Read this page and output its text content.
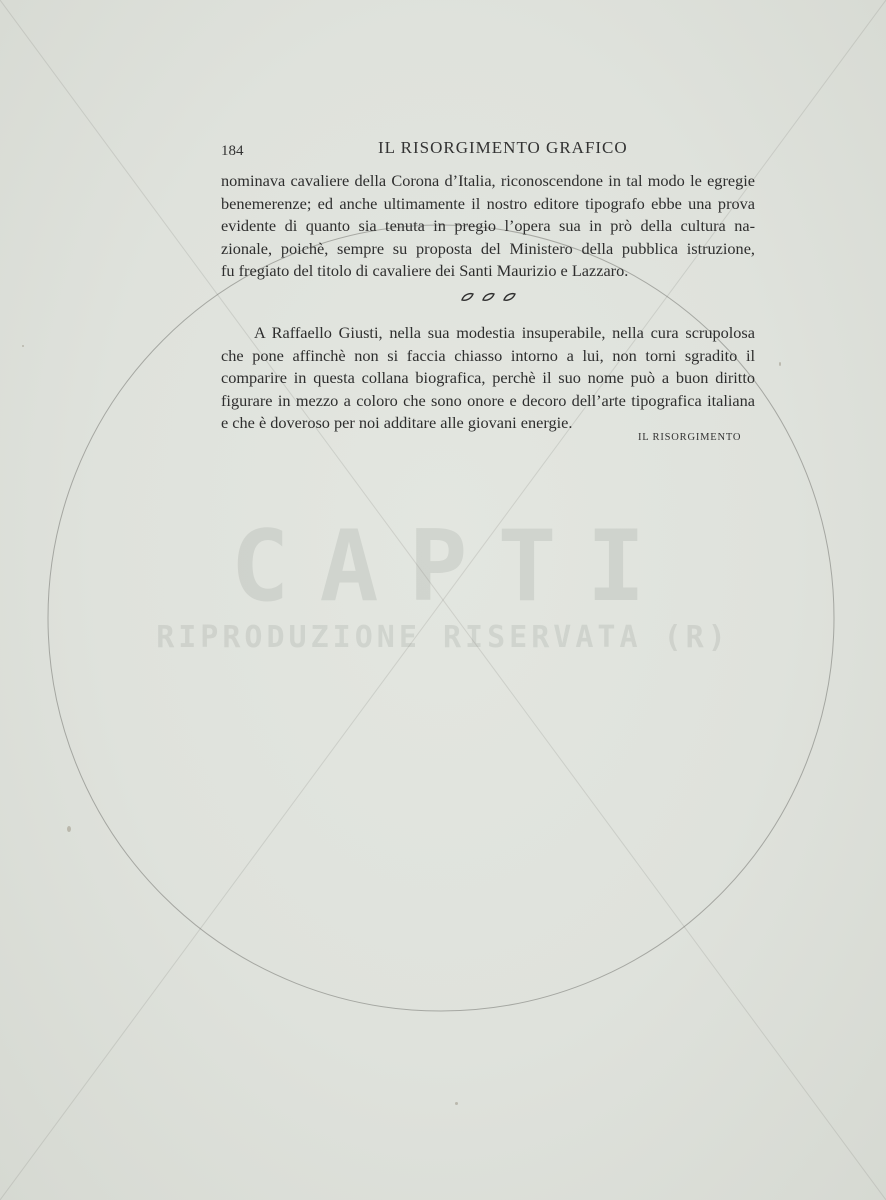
CAPTI
RIPRODUZIONE RISERVATA (R)
184	IL RISORGIMENTO GRAFICO
nominava cavaliere della Corona d’Italia, riconoscendone in tal modo le egregie
benemerenze; ed anche ultimamente il nostro editore tipografo ebbe una prova
evidente di quanto sia tenuta in pregio l’opera sua in prò della cultura na-
zionale, poichè, sempre su proposta del Ministero della pubblica istruzione,
fu fregiato del titolo di cavaliere dei Santi Maurizio e Lazzaro.
A Raffaello Giusti, nella sua modestia insuperabile, nella cura scrupolosa
che pone affinchè non si faccia chiasso intorno a lui, non torni sgradito il
comparire in questa collana biografica, perchè il suo nome può a buon diritto
figurare in mezzo a coloro che sono onore e decoro dell’arte tipografica italiana
e che è doveroso per noi additare alle giovani energie.
IL RISORGIMENTO
